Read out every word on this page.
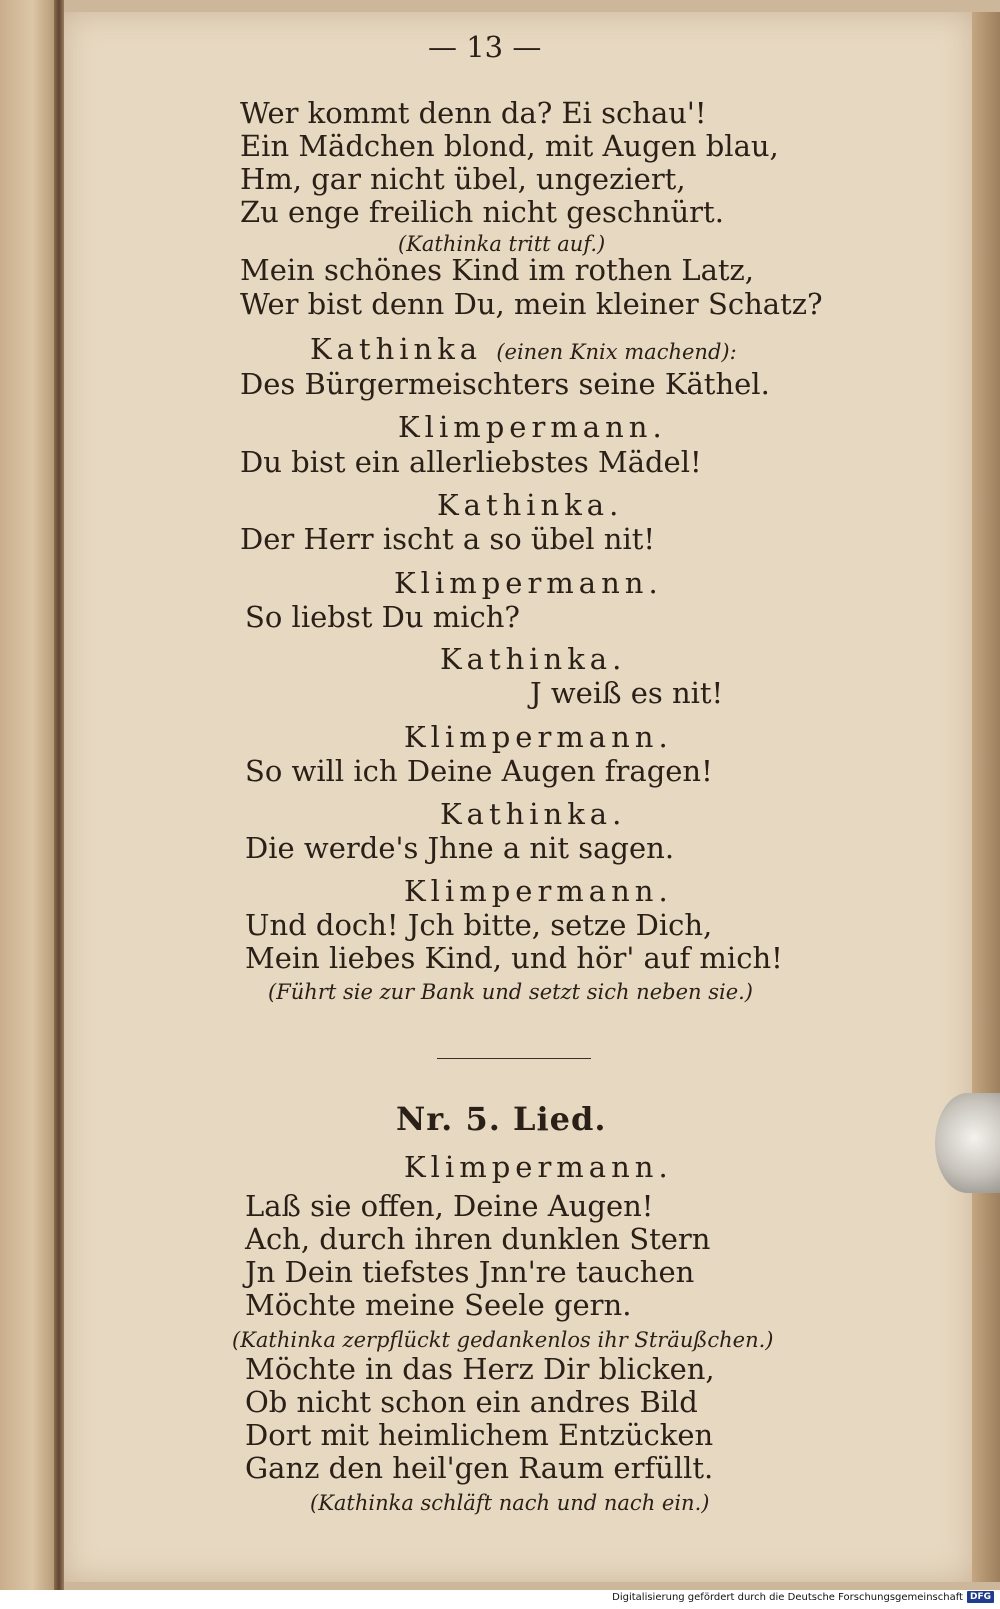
— 13 —
Wer kommt denn da? Ei schau'!
Ein Mädchen blond, mit Augen blau,
Hm, gar nicht übel, ungeziert,
Zu enge freilich nicht geschnürt.
(Kathinka tritt auf.)
Mein schönes Kind im rothen Latz,
Wer bist denn Du, mein kleiner Schatz?
Kathinka (einen Knix machend):
Des Bürgermeischters seine Käthel.
Klimpermann.
Du bist ein allerliebstes Mädel!
Kathinka.
Der Herr ischt a so übel nit!
Klimpermann.
So liebst Du mich?
Kathinka.
J weiß es nit!
Klimpermann.
So will ich Deine Augen fragen!
Kathinka.
Die werde's Jhne a nit sagen.
Klimpermann.
Und doch! Jch bitte, setze Dich,
Mein liebes Kind, und hör' auf mich!
(Führt sie zur Bank und setzt sich neben sie.)
Nr. 5. Lied.
Klimpermann.
Laß sie offen, Deine Augen!
Ach, durch ihren dunklen Stern
Jn Dein tiefstes Jnn're tauchen
Möchte meine Seele gern.
(Kathinka zerpflückt gedankenlos ihr Sträußchen.)
Möchte in das Herz Dir blicken,
Ob nicht schon ein andres Bild
Dort mit heimlichem Entzücken
Ganz den heil'gen Raum erfüllt.
(Kathinka schläft nach und nach ein.)
Digitalisierung gefördert durch die Deutsche Forschungsgemeinschaft DFG
